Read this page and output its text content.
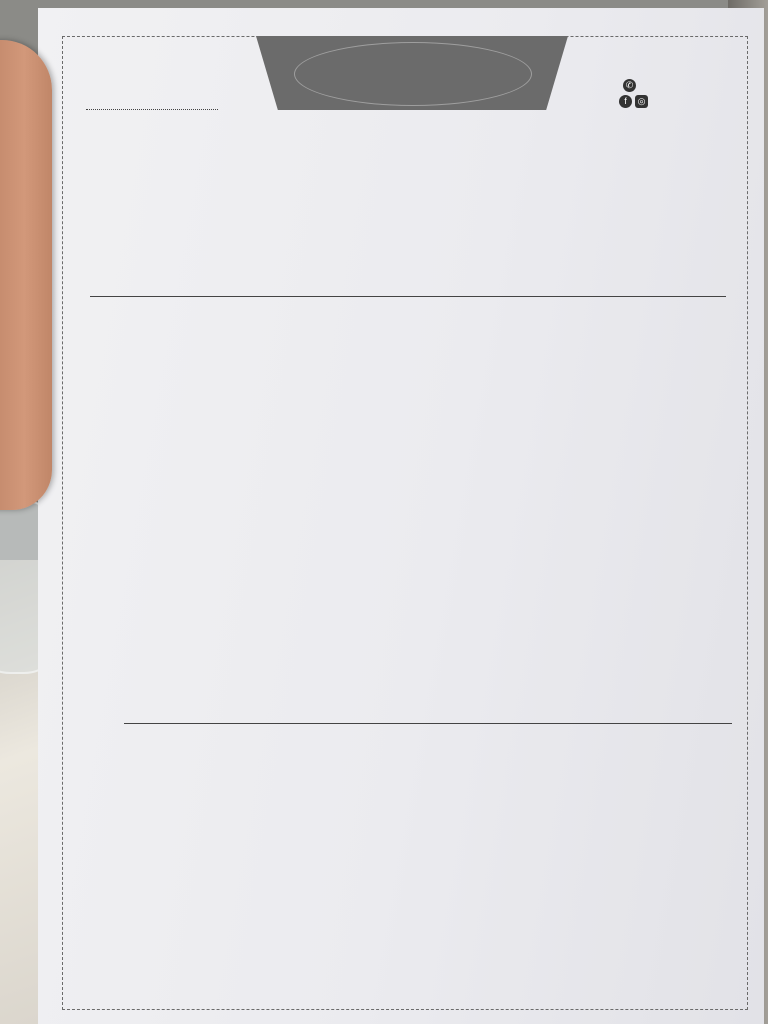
✆
f ◎
